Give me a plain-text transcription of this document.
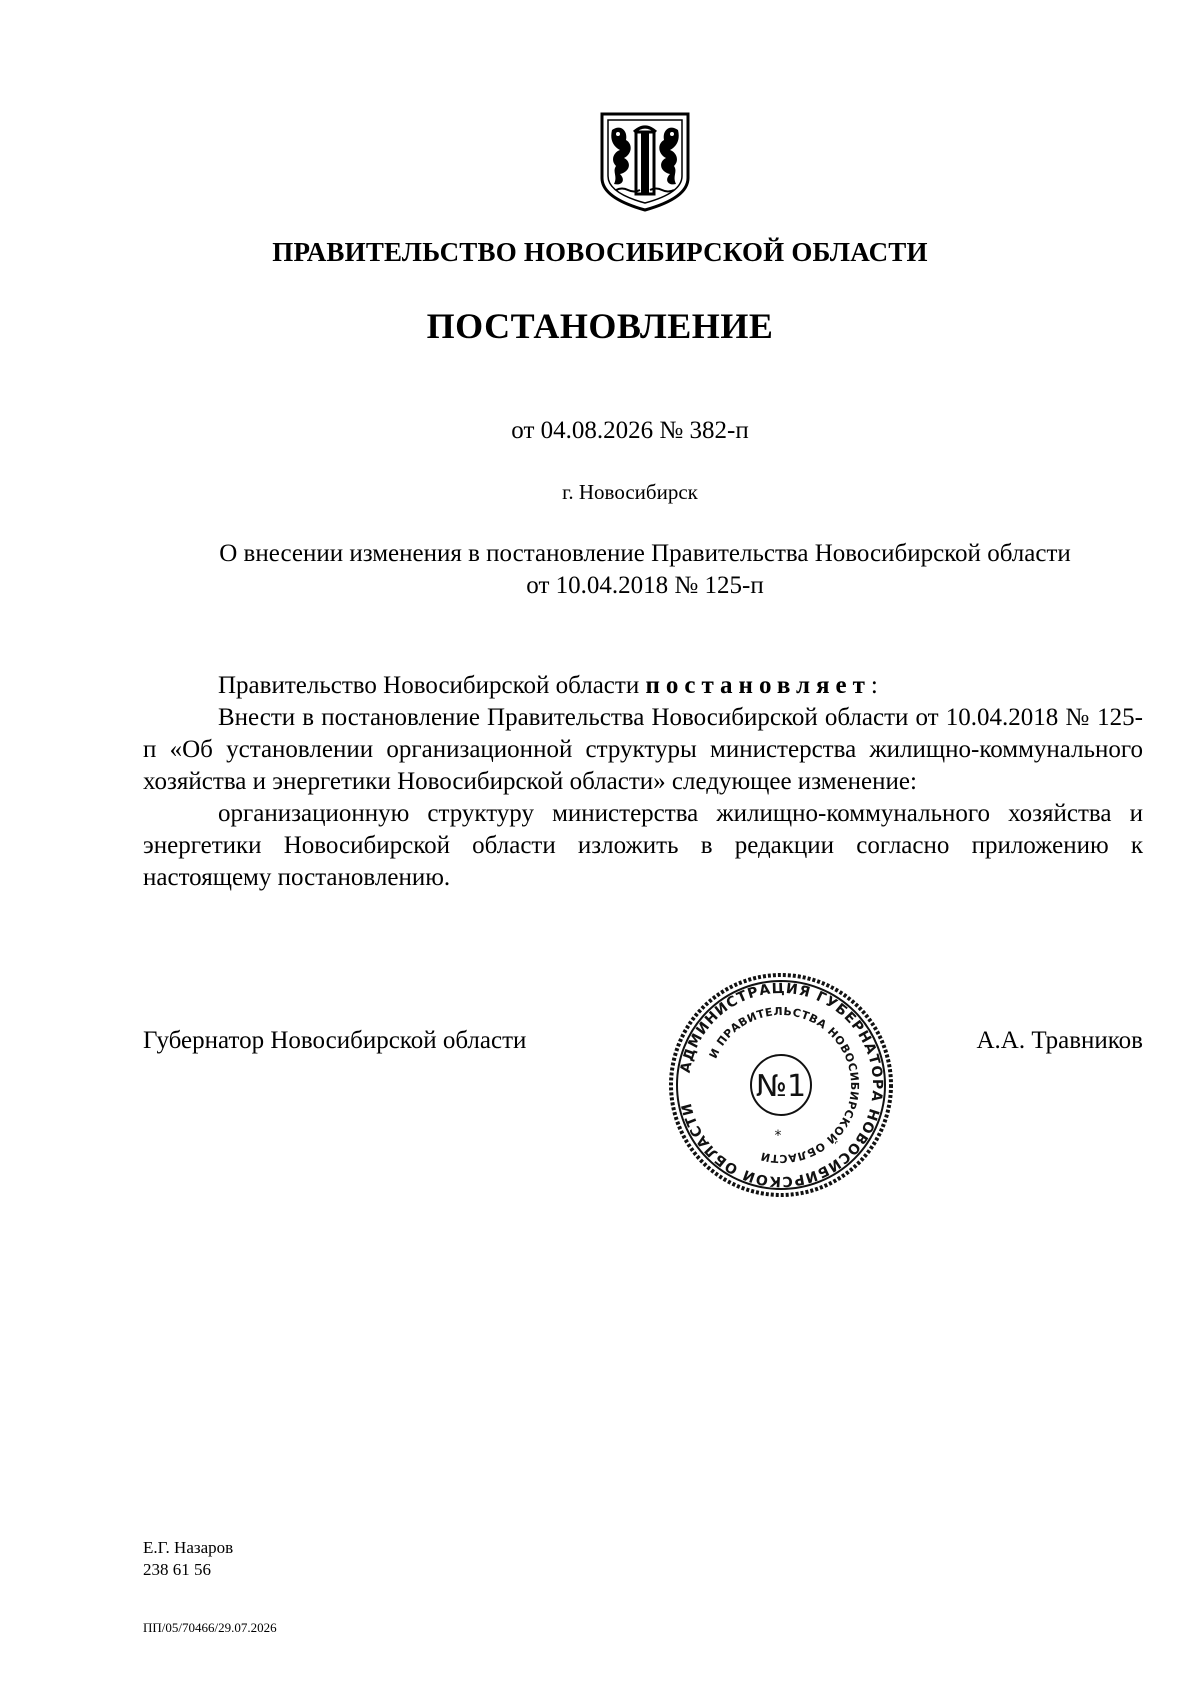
ПРАВИТЕЛЬСТВО НОВОСИБИРСКОЙ ОБЛАСТИ
ПОСТАНОВЛЕНИЕ
от 04.08.2026 № 382-п
г. Новосибирск
О внесении изменения в постановление Правительства Новосибирской области
от 10.04.2018 № 125-п

Правительство Новосибирской области постановляет:

Внести в постановление Правительства Новосибирской области от 10.04.2018 № 125-п «Об установлении организационной структуры министерства жилищно-коммунального хозяйства и энергетики Новосибирской области» следующее изменение:

организационную структуру министерства жилищно-коммунального хозяйства и энергетики Новосибирской области изложить в редакции согласно приложению к настоящему постановлению.

Губернатор Новосибирской области	А.А. Травников
АДМИНИСТРАЦИЯ ГУБЕРНАТОРА НОВОСИБИРСКОЙ ОБЛАСТИ
И ПРАВИТЕЛЬСТВА НОВОСИБИРСКОЙ ОБЛАСТИ
№1
*
Е.Г. Назаров
238 61 56
ПП/05/70466/29.07.2026
